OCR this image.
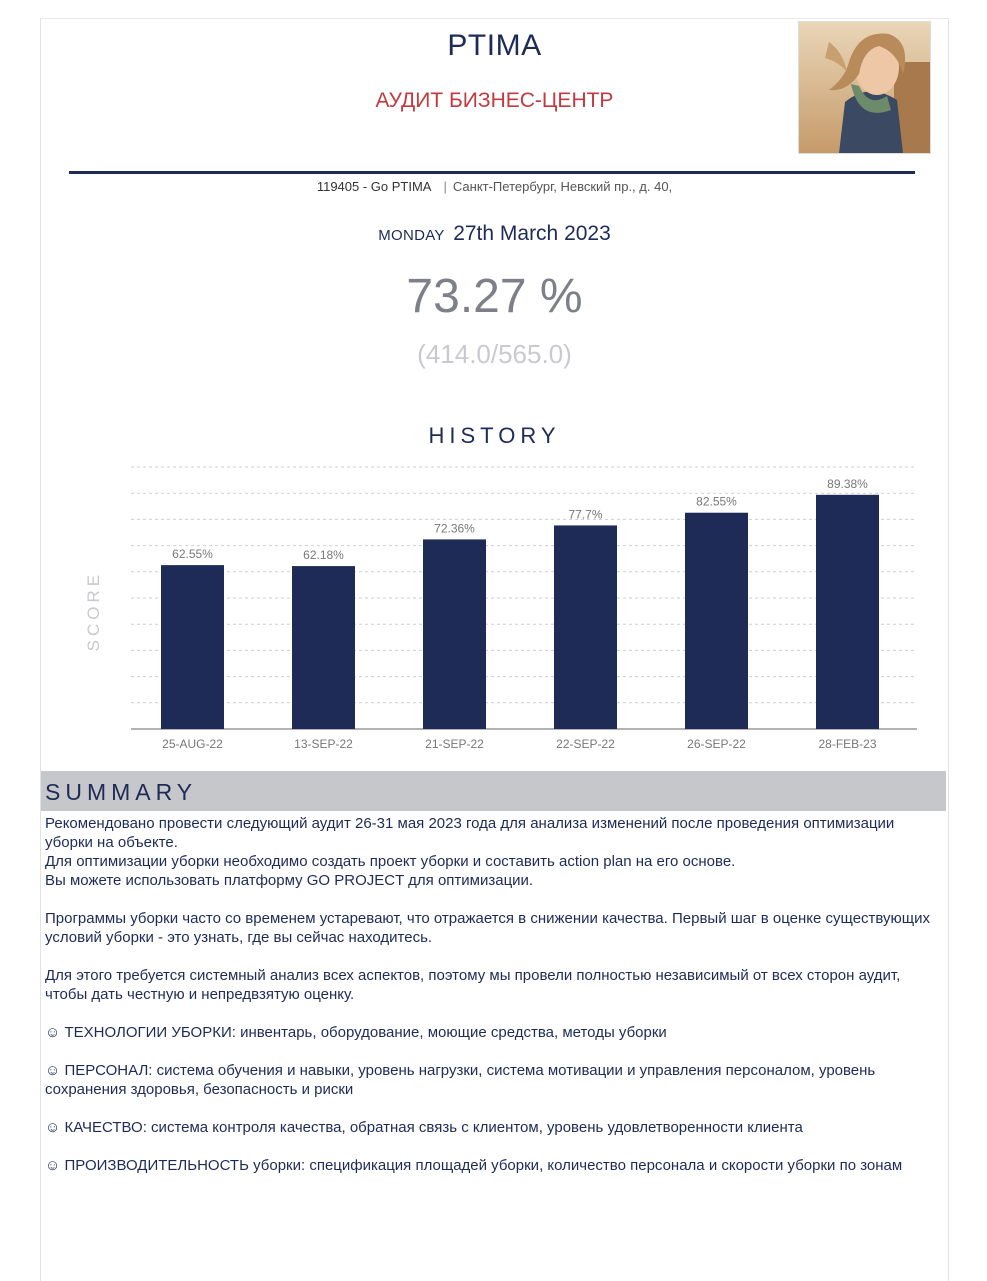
PTIMA
АУДИТ БИЗНЕС-ЦЕНТР
119405 - Go PTIMA | Санкт-Петербург, Невский пр., д. 40,
MONDAY 27th March 2023
73.27 %
(414.0/565.0)
HISTORY
SCORE
62.55%
25-AUG-22
62.18%
13-SEP-22
72.36%
21-SEP-22
77.7%
22-SEP-22
82.55%
26-SEP-22
89.38%
28-FEB-23
SUMMARY

Рекомендовано провести следующий аудит 26-31 мая 2023 года для анализа изменений после проведения оптимизации уборки на объекте.

Для оптимизации уборки необходимо создать проект уборки и составить action plan на его основе.

Вы можете использовать платформу GO PROJECT для оптимизации.

Программы уборки часто со временем устаревают, что отражается в снижении качества. Первый шаг в оценке существующих условий уборки - это узнать, где вы сейчас находитесь.

Для этого требуется системный анализ всех аспектов, поэтому мы провели полностью независимый от всех сторон аудит, чтобы дать честную и непредвзятую оценку.

☺ ТЕХНОЛОГИИ УБОРКИ: инвентарь, оборудование, моющие средства, методы уборки

☺ ПЕРСОНАЛ: система обучения и навыки, уровень нагрузки, система мотивации и управления персоналом, уровень сохранения здоровья, безопасность и риски

☺ КАЧЕСТВО: система контроля качества, обратная связь с клиентом, уровень удовлетворенности клиента

☺ ПРОИЗВОДИТЕЛЬНОСТЬ уборки: спецификация площадей уборки, количество персонала и скорости уборки по зонам
